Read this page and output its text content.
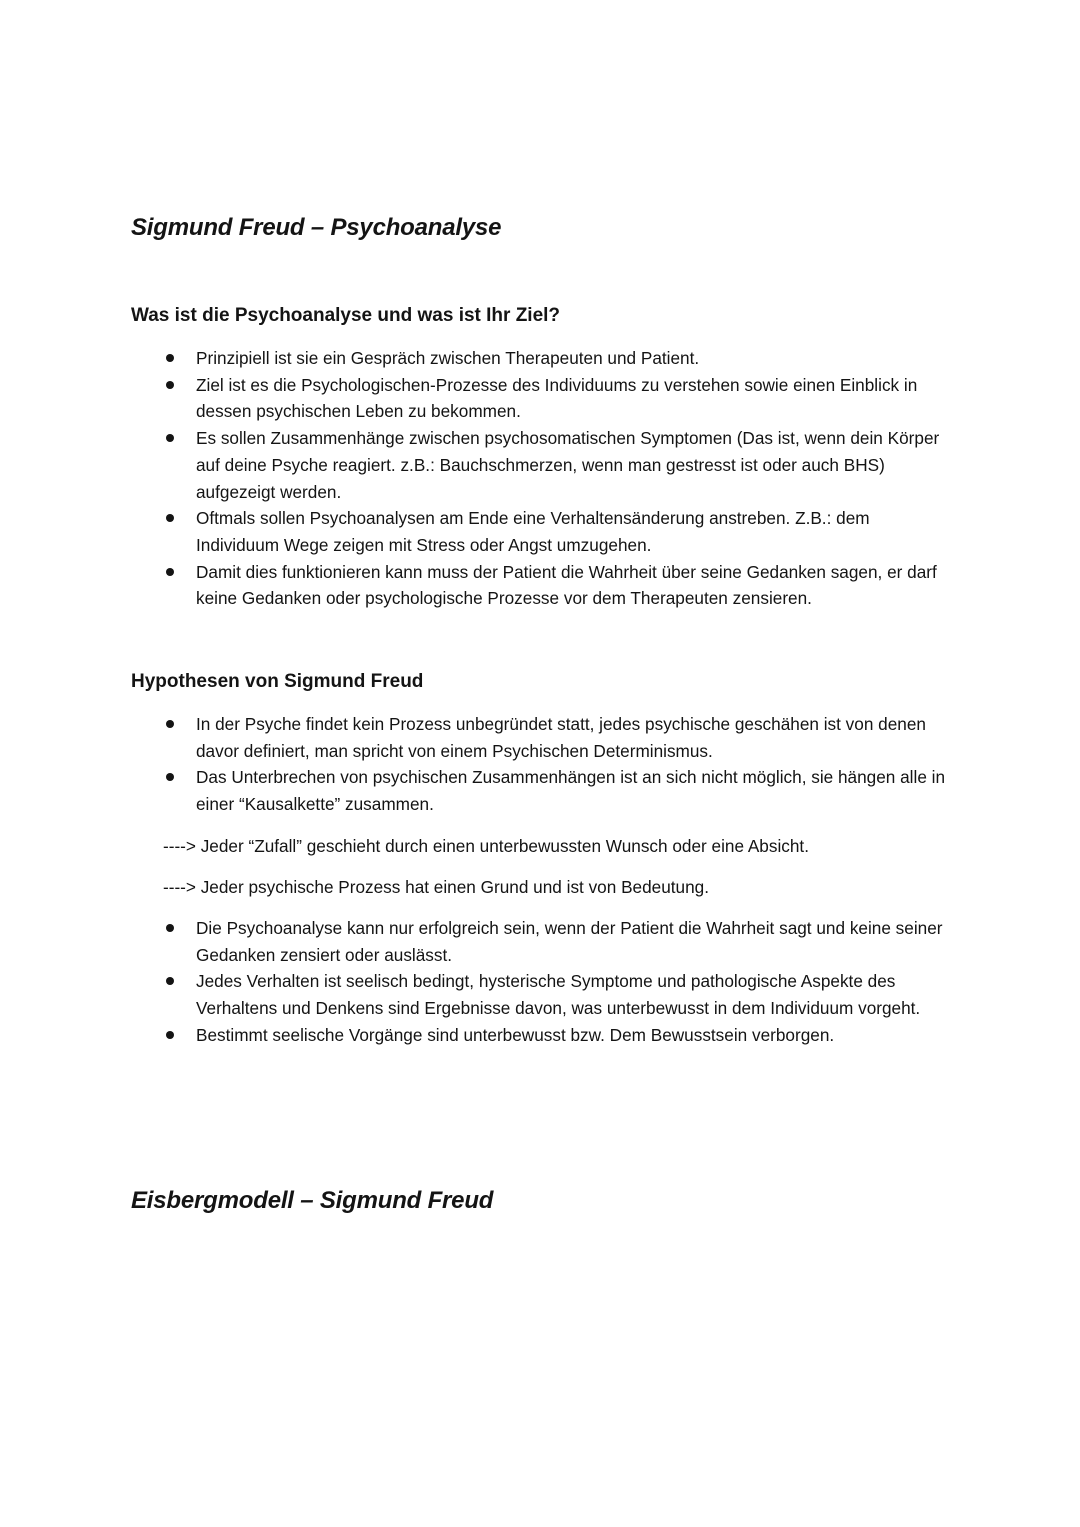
Sigmund Freud – Psychoanalyse
Was ist die Psychoanalyse und was ist Ihr Ziel?
Prinzipiell ist sie ein Gespräch zwischen Therapeuten und Patient.
Ziel ist es die Psychologischen-Prozesse des Individuums zu verstehen sowie einen Einblick in dessen psychischen Leben zu bekommen.
Es sollen Zusammenhänge zwischen psychosomatischen Symptomen (Das ist, wenn dein Körper auf deine Psyche reagiert. z.B.: Bauchschmerzen, wenn man gestresst ist oder auch BHS) aufgezeigt werden.
Oftmals sollen Psychoanalysen am Ende eine Verhaltensänderung anstreben. Z.B.: dem Individuum Wege zeigen mit Stress oder Angst umzugehen.
Damit dies funktionieren kann muss der Patient die Wahrheit über seine Gedanken sagen, er darf keine Gedanken oder psychologische Prozesse vor dem Therapeuten zensieren.
Hypothesen von Sigmund Freud
In der Psyche findet kein Prozess unbegründet statt, jedes psychische geschähen ist von denen davor definiert, man spricht von einem Psychischen Determinismus.
Das Unterbrechen von psychischen Zusammenhängen ist an sich nicht möglich, sie hängen alle in einer “Kausalkette” zusammen.

----> Jeder “Zufall” geschieht durch einen unterbewussten Wunsch oder eine Absicht.

----> Jeder psychische Prozess hat einen Grund und ist von Bedeutung.

Die Psychoanalyse kann nur erfolgreich sein, wenn der Patient die Wahrheit sagt und keine seiner Gedanken zensiert oder auslässt.
Jedes Verhalten ist seelisch bedingt, hysterische Symptome und pathologische Aspekte des Verhaltens und Denkens sind Ergebnisse davon, was unterbewusst in dem Individuum vorgeht.
Bestimmt seelische Vorgänge sind unterbewusst bzw. Dem Bewusstsein verborgen.
Eisbergmodell – Sigmund Freud
